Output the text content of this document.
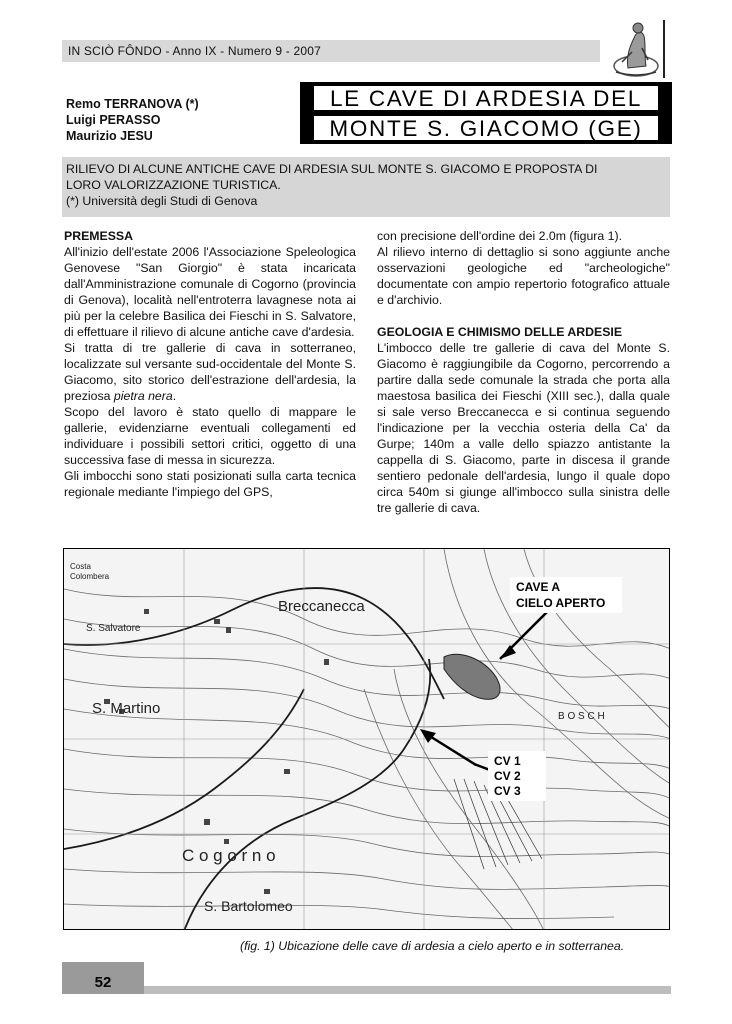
IN SCIÒ FÔNDO - Anno IX - Numero 9 - 2007
Remo TERRANOVA (*)
Luigi PERASSO
Maurizio JESU
LE CAVE DI ARDESIA DEL
MONTE S. GIACOMO (GE)
RILIEVO DI ALCUNE ANTICHE CAVE DI ARDESIA SUL MONTE S. GIACOMO E PROPOSTA DI
LORO VALORIZZAZIONE TURISTICA.
(*) Università degli Studi di Genova

PREMESSA

All'inizio dell'estate 2006 l'Associazione Speleologica Genovese "San Giorgio" è stata incaricata dall'Amministrazione comunale di Cogorno (provincia di Genova), località nell'entroterra lavagnese nota ai più per la celebre Basilica dei Fieschi in S. Salvatore, di effettuare il rilievo di alcune antiche cave d'ardesia.

Si tratta di tre gallerie di cava in sotterraneo, localizzate sul versante sud-occidentale del Monte S. Giacomo, sito storico dell'estrazione dell'ardesia, la preziosa pietra nera.

Scopo del lavoro è stato quello di mappare le gallerie, evidenziarne eventuali collegamenti ed individuare i possibili settori critici, oggetto di una successiva fase di messa in sicurezza.

Gli imbocchi sono stati posizionati sulla carta tecnica regionale mediante l'impiego del GPS,

con precisione dell'ordine dei 2.0m (figura 1).

Al rilievo interno di dettaglio si sono aggiunte anche osservazioni geologiche ed "archeologiche" documentate con ampio repertorio fotografico attuale e d'archivio.

GEOLOGIA E CHIMISMO DELLE ARDESIE

L'imbocco delle tre gallerie di cava del Monte S. Giacomo è raggiungibile da Cogorno, percorrendo a partire dalla sede comunale la strada che porta alla maestosa basilica dei Fieschi (XIII sec.), dalla quale si sale verso Breccanecca e si continua seguendo l'indicazione per la vecchia osteria della Ca' da Gurpe; 140m a valle dello spiazzo antistante la cappella di S. Giacomo, parte in discesa il grande sentiero pedonale dell'ardesia, lungo il quale dopo circa 540m si giunge all'imbocco sulla sinistra delle tre gallerie di cava.

Breccanecca
S. Salvatore
S. Martino
C o g o r n o
S. Bartolomeo
Costa
Colombera
B O S C H
CAVE A
CIELO APERTO
CV 1
CV 2
CV 3
(fig. 1) Ubicazione delle cave di ardesia a cielo aperto e in sotterranea.
52
